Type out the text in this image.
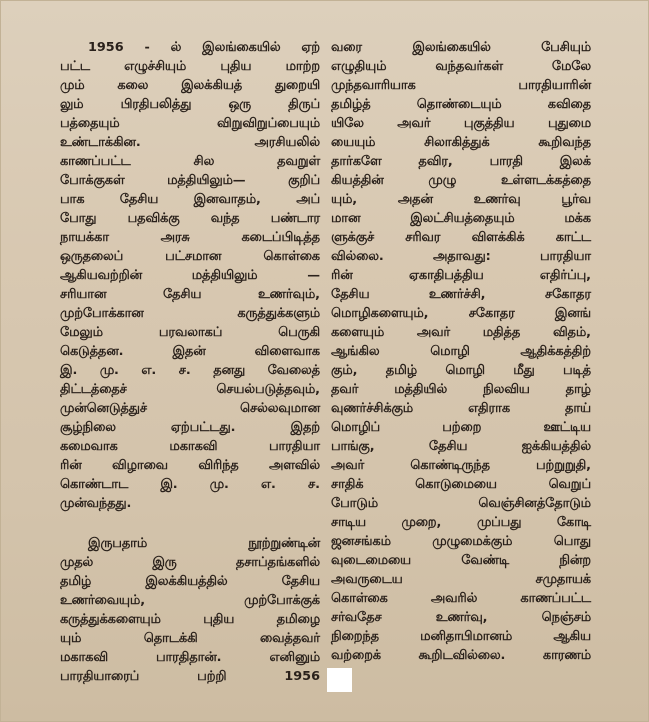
1956 - ல் இலங்கையில் ஏற்
பட்ட எழுச்சியும் புதிய மாற்ற
மும் கலை இலக்கியத் துறையி
லும் பிரதிபலித்து ஒரு திருப்
பத்தையும் விறுவிறுப்பையும்
உண்டாக்கின. அரசியலில்
காணப்பட்ட சில தவறுள்
போக்குகள் மத்தியிலும்— குறிப்
பாக தேசிய இனவாதம், அப்
போது பதவிக்கு வந்த பண்டார
நாயக்கா அரசு கடைப்பிடித்த
ஒருதலைப் பட்சமான கொள்கை
ஆகியவற்றின் மத்தியிலும் —
சரியான தேசிய உணர்வும்,
முற்போக்கான கருத்துக்களும்
மேலும் பரவலாகப் பெருகி
கெடுத்தன. இதன் விளைவாக
இ. மு. எ. ச. தனது வேலைத்
திட்டத்தைச் செயல்படுத்தவும்,
முன்னெடுத்துச் செல்லவுமான
சூழ்நிலை ஏற்பட்டது. இதற்
கமைவாக மகாகவி பாரதியா
ரின் விழாவை விரிந்த அளவில்
கொண்டாட இ. மு. எ. ச.
முன்வந்தது.
இருபதாம் நூற்றுண்டின்
முதல் இரு தசாப்தங்களில்
தமிழ் இலக்கியத்தில் தேசிய
உணர்வையும், முற்போக்குக்
கருத்துக்களையும் புதிய தமிழை
யும் தொடக்கி வைத்தவர்
மகாகவி பாரதிதான். எனினும்
பாரதியாரைப் பற்றி 1956
வரை இலங்கையில் பேசியும்
எழுதியும் வந்தவர்கள் மேலே
முந்தவாரியாக பாரதியாரின்
தமிழ்த் தொண்டையும் கவிதை
யிலே அவர் புகுத்திய புதுமை
யையும் சிலாகித்துக் கூறிவந்த
தார்களே தவிர, பாரதி இலக்
கியத்தின் முழு உள்ளடக்கத்தை
யும், அதன் உணர்வு பூர்வ
மான இலட்சியத்தையும் மக்க
ளுக்குச் சரிவர விளக்கிக் காட்ட
வில்லை. அதாவது: பாரதியா
ரின் ஏகாதிபத்திய எதிர்ப்பு,
தேசிய உணர்ச்சி, சகோதர
மொழிகளையும், சகோதர இனங்
களையும் அவர் மதித்த விதம்,
ஆங்கில மொழி ஆதிக்கத்திற்
கும், தமிழ் மொழி மீது படித்
தவர் மத்தியில் நிலவிய தாழ்
வுணர்ச்சிக்கும் எதிராக தாய்
மொழிப் பற்றை ஊட்டிய
பாங்கு, தேசிய ஐக்கியத்தில்
அவர் கொண்டிருந்த பற்றுறுதி,
சாதிக் கொடுமையை வெறுப்
போடும் வெஞ்சினத்தோடும்
சாடிய முறை, முப்பது கோடி
ஜனசங்கம் முழுமைக்கும் பொது
வுடைமையை வேண்டி நின்ற
அவருடைய சமுதாயக்
கொள்கை அவரில் காணப்பட்ட
சர்வதேச உணர்வு, நெஞ்சம்
நிறைந்த மனிதாபிமானம் ஆகிய
வற்றைக் கூறிடவில்லை. காரணம்
